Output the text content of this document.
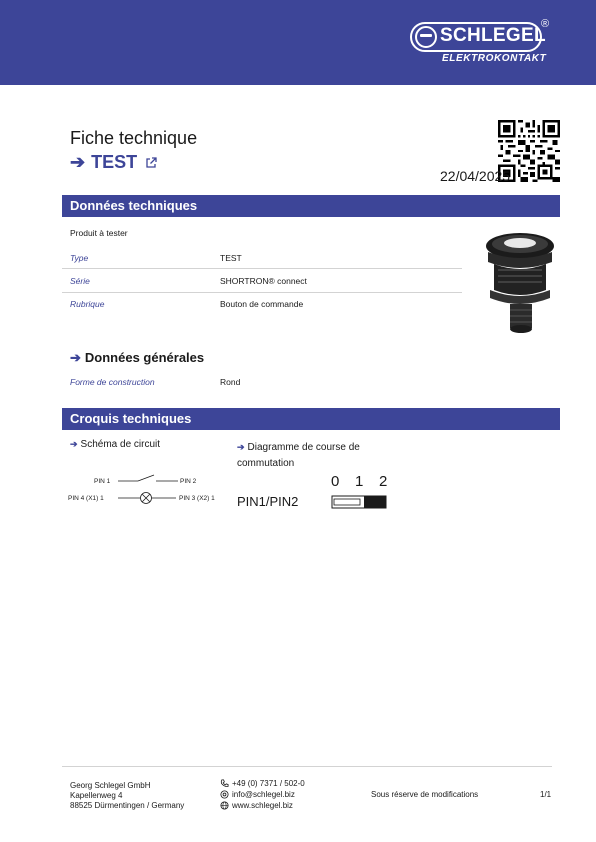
SCHLEGEL
®
ELEKTROKONTAKT
Fiche technique
➔ TEST
22/04/2025
Données techniques
Produit à tester
Type	TEST
Série	SHORTRON® connect
Rubrique	Bouton de commande
➔ Données générales
Forme de construction	Rond
Croquis techniques
➔ Schéma de circuit	➔ Diagramme de course de
commutation
PIN 1	PIN 2
PIN 4 (X1) 1	PIN 3 (X2) 1
0 1 2
PIN1/PIN2
Georg Schlegel GmbH
Kapellenweg 4
88525 Dürmentingen / Germany
+49 (0) 7371 / 502-0
info@schlegel.biz
www.schlegel.biz
Sous réserve de modifications	1/1
